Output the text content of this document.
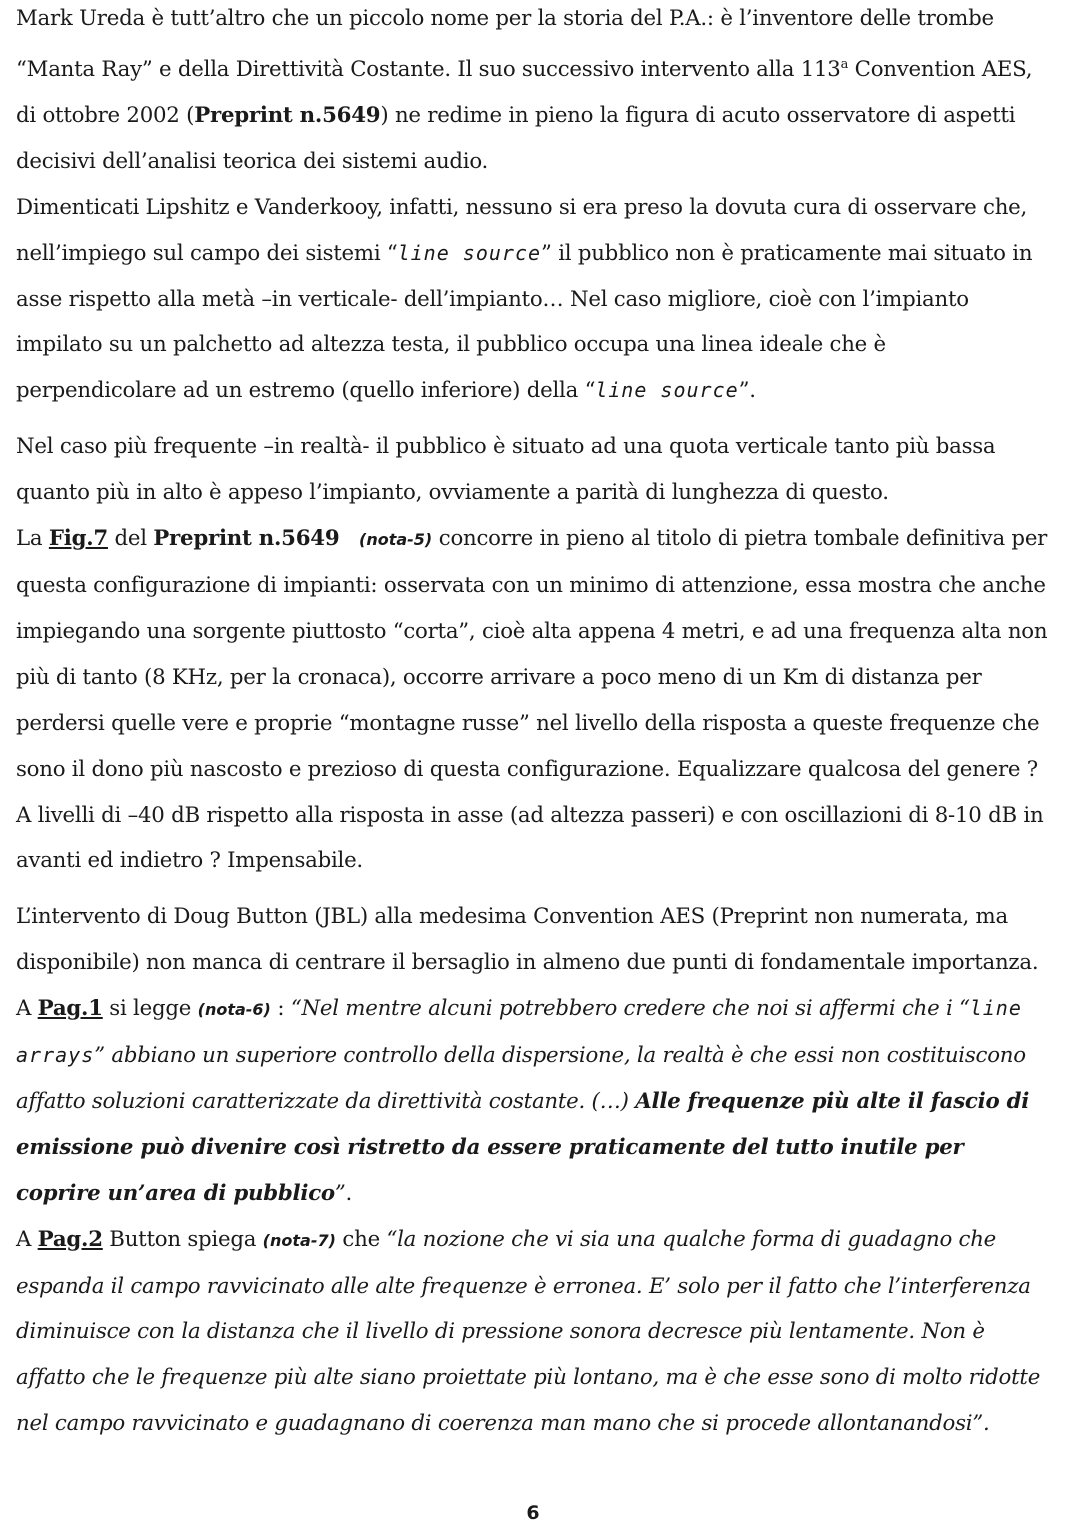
Mark Ureda è tutt’altro che un piccolo nome per la storia del P.A.: è l’inventore delle trombe “Manta Ray” e della Direttività Costante. Il suo successivo intervento alla 113$^a$ Convention AES, di ottobre 2002 (Preprint n.5649) ne redime in pieno la figura di acuto osservatore di aspetti decisivi dell’analisi teorica dei sistemi audio.

Dimenticati Lipshitz e Vanderkooy, infatti, nessuno si era preso la dovuta cura di osservare che, nell’impiego sul campo dei sistemi “line source” il pubblico non è praticamente mai situato in asse rispetto alla metà –in verticale- dell’impianto… Nel caso migliore, cioè con l’impianto impilato su un palchetto ad altezza testa, il pubblico occupa una linea ideale che è perpendicolare ad un estremo (quello inferiore) della “line source”.

Nel caso più frequente –in realtà- il pubblico è situato ad una quota verticale tanto più bassa quanto più in alto è appeso l’impianto, ovviamente a parità di lunghezza di questo.

La Fig.7 del Preprint n.5649 (nota-5) concorre in pieno al titolo di pietra tombale definitiva per questa configurazione di impianti: osservata con un minimo di attenzione, essa mostra che anche impiegando una sorgente piuttosto “corta”, cioè alta appena 4 metri, e ad una frequenza alta non più di tanto (8 KHz, per la cronaca), occorre arrivare a poco meno di un Km di distanza per perdersi quelle vere e proprie “montagne russe” nel livello della risposta a queste frequenze che sono il dono più nascosto e prezioso di questa configurazione. Equalizzare qualcosa del genere ? A livelli di –40 dB rispetto alla risposta in asse (ad altezza passeri) e con oscillazioni di 8-10 dB in avanti ed indietro ? Impensabile.

L’intervento di Doug Button (JBL) alla medesima Convention AES (Preprint non numerata, ma disponibile) non manca di centrare il bersaglio in almeno due punti di fondamentale importanza. A Pag.1 si legge (nota-6) : “Nel mentre alcuni potrebbero credere che noi si affermi che i “line arrays” abbiano un superiore controllo della dispersione, la realtà è che essi non costituiscono affatto soluzioni caratterizzate da direttività costante. (…) Alle frequenze più alte il fascio di emissione può divenire così ristretto da essere praticamente del tutto inutile per coprire un’area di pubblico”.

A Pag.2 Button spiega (nota-7) che “la nozione che vi sia una qualche forma di guadagno che espanda il campo ravvicinato alle alte frequenze è erronea. E’ solo per il fatto che l’interferenza diminuisce con la distanza che il livello di pressione sonora decresce più lentamente. Non è affatto che le frequenze più alte siano proiettate più lontano, ma è che esse sono di molto ridotte nel campo ravvicinato e guadagnano di coerenza man mano che si procede allontanandosi”.

6
